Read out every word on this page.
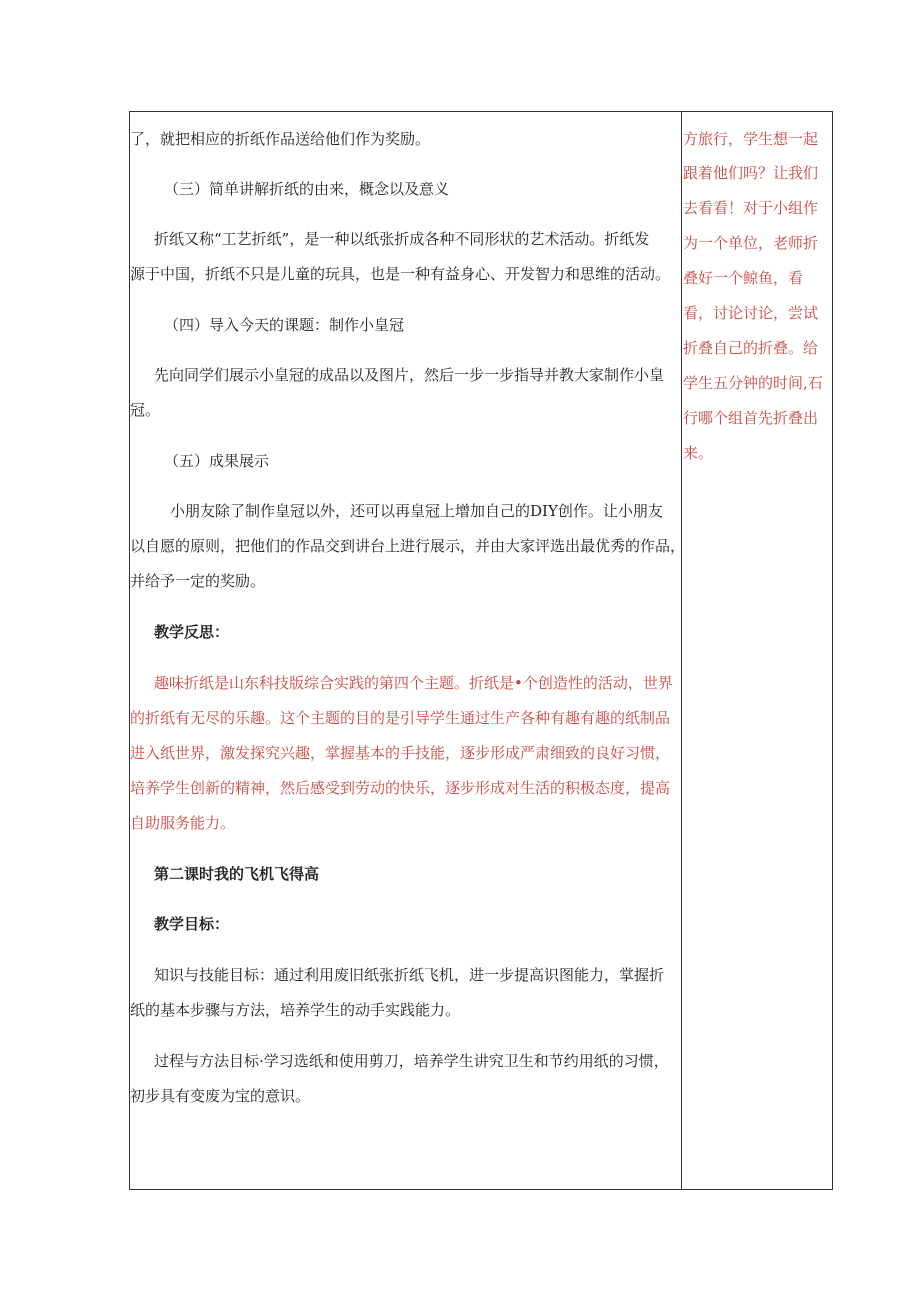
了，就把相应的折纸作品送给他们作为奖励。
（三）简单讲解折纸的由来，概念以及意义
折纸又称“工艺折纸”，是一种以纸张折成各种不同形状的艺术活动。折纸发
源于中国，折纸不只是儿童的玩具，也是一种有益身心、开发智力和思维的活动。
（四）导入今天的课题：制作小皇冠
先向同学们展示小皇冠的成品以及图片，然后一步一步指导并教大家制作小皇
冠。
（五）成果展示
小朋友除了制作皇冠以外，还可以再皇冠上增加自己的DIY创作。让小朋友
以自愿的原则，把他们的作品交到讲台上进行展示，并由大家评选出最优秀的作品，
并给予一定的奖励。
教学反思：
趣味折纸是山东科技版综合实践的第四个主题。折纸是•个创造性的活动，世界
的折纸有无尽的乐趣。这个主题的目的是引导学生通过生产各种有趣有趣的纸制品
进入纸世界，激发探究兴趣，掌握基本的手技能，逐步形成严肃细致的良好习惯，
培养学生创新的精神，然后感受到劳动的快乐，逐步形成对生活的积极态度，提高
自助服务能力。
第二课时我的飞机飞得高
教学目标：
知识与技能目标：通过利用废旧纸张折纸飞机，进一步提高识图能力，掌握折
纸的基本步骤与方法，培养学生的动手实践能力。
过程与方法目标·学习选纸和使用剪刀，培养学生讲究卫生和节约用纸的习惯，
初步具有变废为宝的意识。
方旅行，学生想一起
跟着他们吗？让我们
去看看！对于小组作
为一个单位，老师折
叠好一个鲸鱼，看
看，讨论讨论，尝试
折叠自己的折叠。给
学生五分钟的时间,石
行哪个组首先折叠出
来。
